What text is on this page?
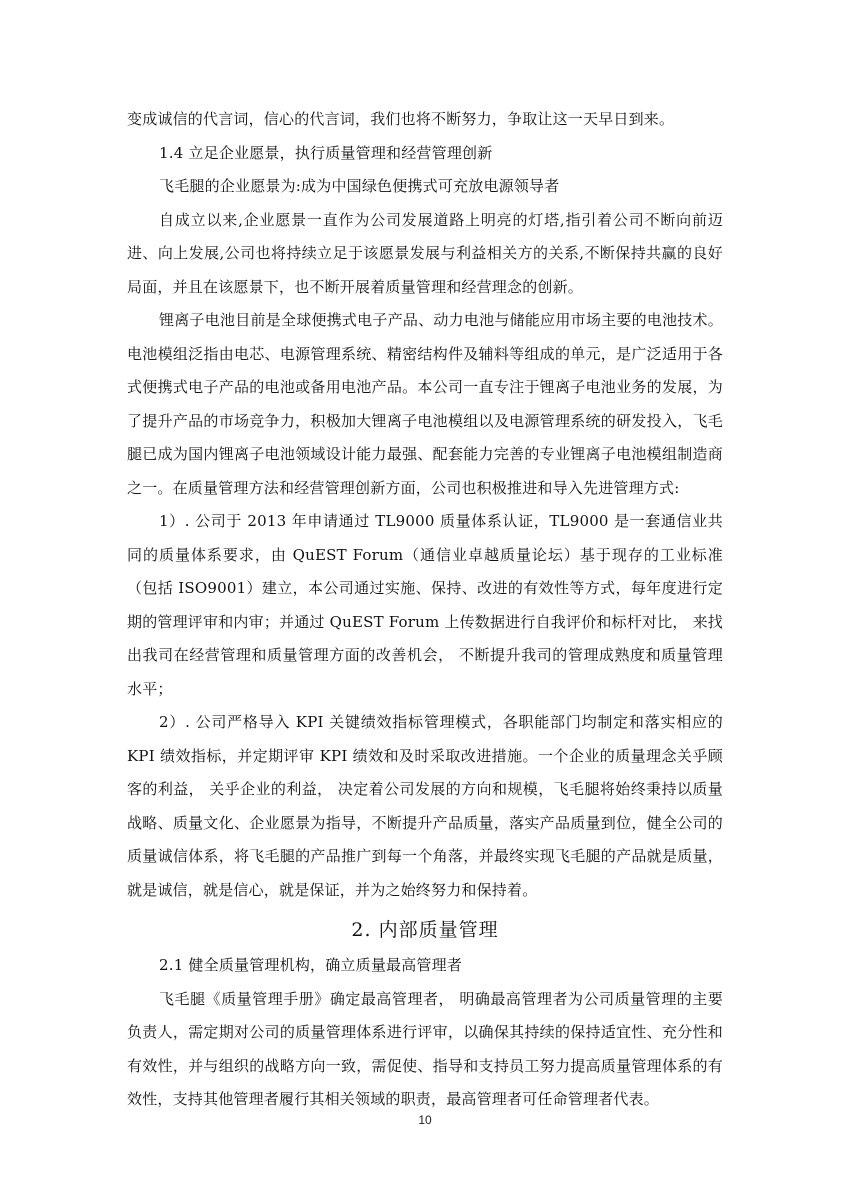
变成诚信的代言词，信心的代言词，我们也将不断努力，争取让这一天早日到来。

1.4 立足企业愿景，执行质量管理和经营管理创新

飞毛腿的企业愿景为:成为中国绿色便携式可充放电源领导者

自成立以来,企业愿景一直作为公司发展道路上明亮的灯塔,指引着公司不断向前迈进、向上发展,公司也将持续立足于该愿景发展与利益相关方的关系,不断保持共赢的良好局面，并且在该愿景下，也不断开展着质量管理和经营理念的创新。

锂离子电池目前是全球便携式电子产品、动力电池与储能应用市场主要的电池技术。电池模组泛指由电芯、电源管理系统、精密结构件及辅料等组成的单元，是广泛适用于各式便携式电子产品的电池或备用电池产品。本公司一直专注于锂离子电池业务的发展，为了提升产品的市场竞争力，积极加大锂离子电池模组以及电源管理系统的研发投入，飞毛腿已成为国内锂离子电池领域设计能力最强、配套能力完善的专业锂离子电池模组制造商之一。在质量管理方法和经营管理创新方面，公司也积极推进和导入先进管理方式:

1）. 公司于 2013 年申请通过 TL9000 质量体系认证，TL9000 是一套通信业共同的质量体系要求，由 QuEST Forum（通信业卓越质量论坛）基于现存的工业标准（包括 ISO9001）建立，本公司通过实施、保持、改进的有效性等方式，每年度进行定期的管理评审和内审；并通过 QuEST Forum 上传数据进行自我评价和标杆对比， 来找出我司在经营管理和质量管理方面的改善机会， 不断提升我司的管理成熟度和质量管理水平；

2）. 公司严格导入 KPI 关键绩效指标管理模式，各职能部门均制定和落实相应的 KPI 绩效指标，并定期评审 KPI 绩效和及时采取改进措施。一个企业的质量理念关乎顾客的利益， 关乎企业的利益， 决定着公司发展的方向和规模，飞毛腿将始终秉持以质量战略、质量文化、企业愿景为指导，不断提升产品质量，落实产品质量到位，健全公司的质量诚信体系，将飞毛腿的产品推广到每一个角落，并最终实现飞毛腿的产品就是质量，就是诚信，就是信心，就是保证，并为之始终努力和保持着。

2. 内部质量管理

2.1 健全质量管理机构，确立质量最高管理者

飞毛腿《质量管理手册》确定最高管理者， 明确最高管理者为公司质量管理的主要负责人，需定期对公司的质量管理体系进行评审，以确保其持续的保持适宜性、充分性和有效性，并与组织的战略方向一致，需促使、指导和支持员工努力提高质量管理体系的有效性，支持其他管理者履行其相关领域的职责，最高管理者可任命管理者代表。

10
